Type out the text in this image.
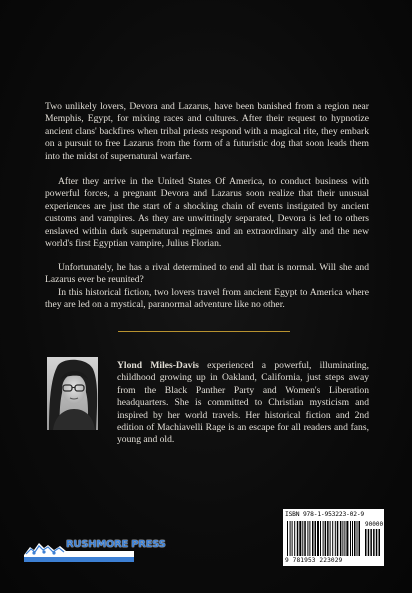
Two unlikely lovers, Devora and Lazarus, have been banished from a region near Memphis, Egypt, for mixing races and cultures. After their request to hypnotize ancient clans' backfires when tribal priests respond with a magical rite, they embark on a pursuit to free Lazarus from the form of a futuristic dog that soon leads them into the midst of supernatural warfare.

After they arrive in the United States Of America, to conduct business with powerful forces, a pregnant Devora and Lazarus soon realize that their unusual experiences are just the start of a shocking chain of events instigated by ancient customs and vampires. As they are unwittingly separated, Devora is led to others enslaved within dark supernatural regimes and an extraordinary ally and the new world's first Egyptian vampire, Julius Florian.

Unfortunately, he has a rival determined to end all that is normal. Will she and Lazarus ever be reunited?

In this historical fiction, two lovers travel from ancient Egypt to America where they are led on a mystical, paranormal adventure like no other.

Ylond Miles-Davis experienced a powerful, illuminating, childhood growing up in Oakland, California, just steps away from the Black Panther Party and Women's Liberation headquarters. She is committed to Christian mysticism and inspired by her world travels. Her historical fiction and 2nd edition of Machiavelli Rage is an escape for all readers and fans, young and old.

ISBN 978-1-953223-02-9
90000
9 781953 223029
RUSHMORE PRESS
